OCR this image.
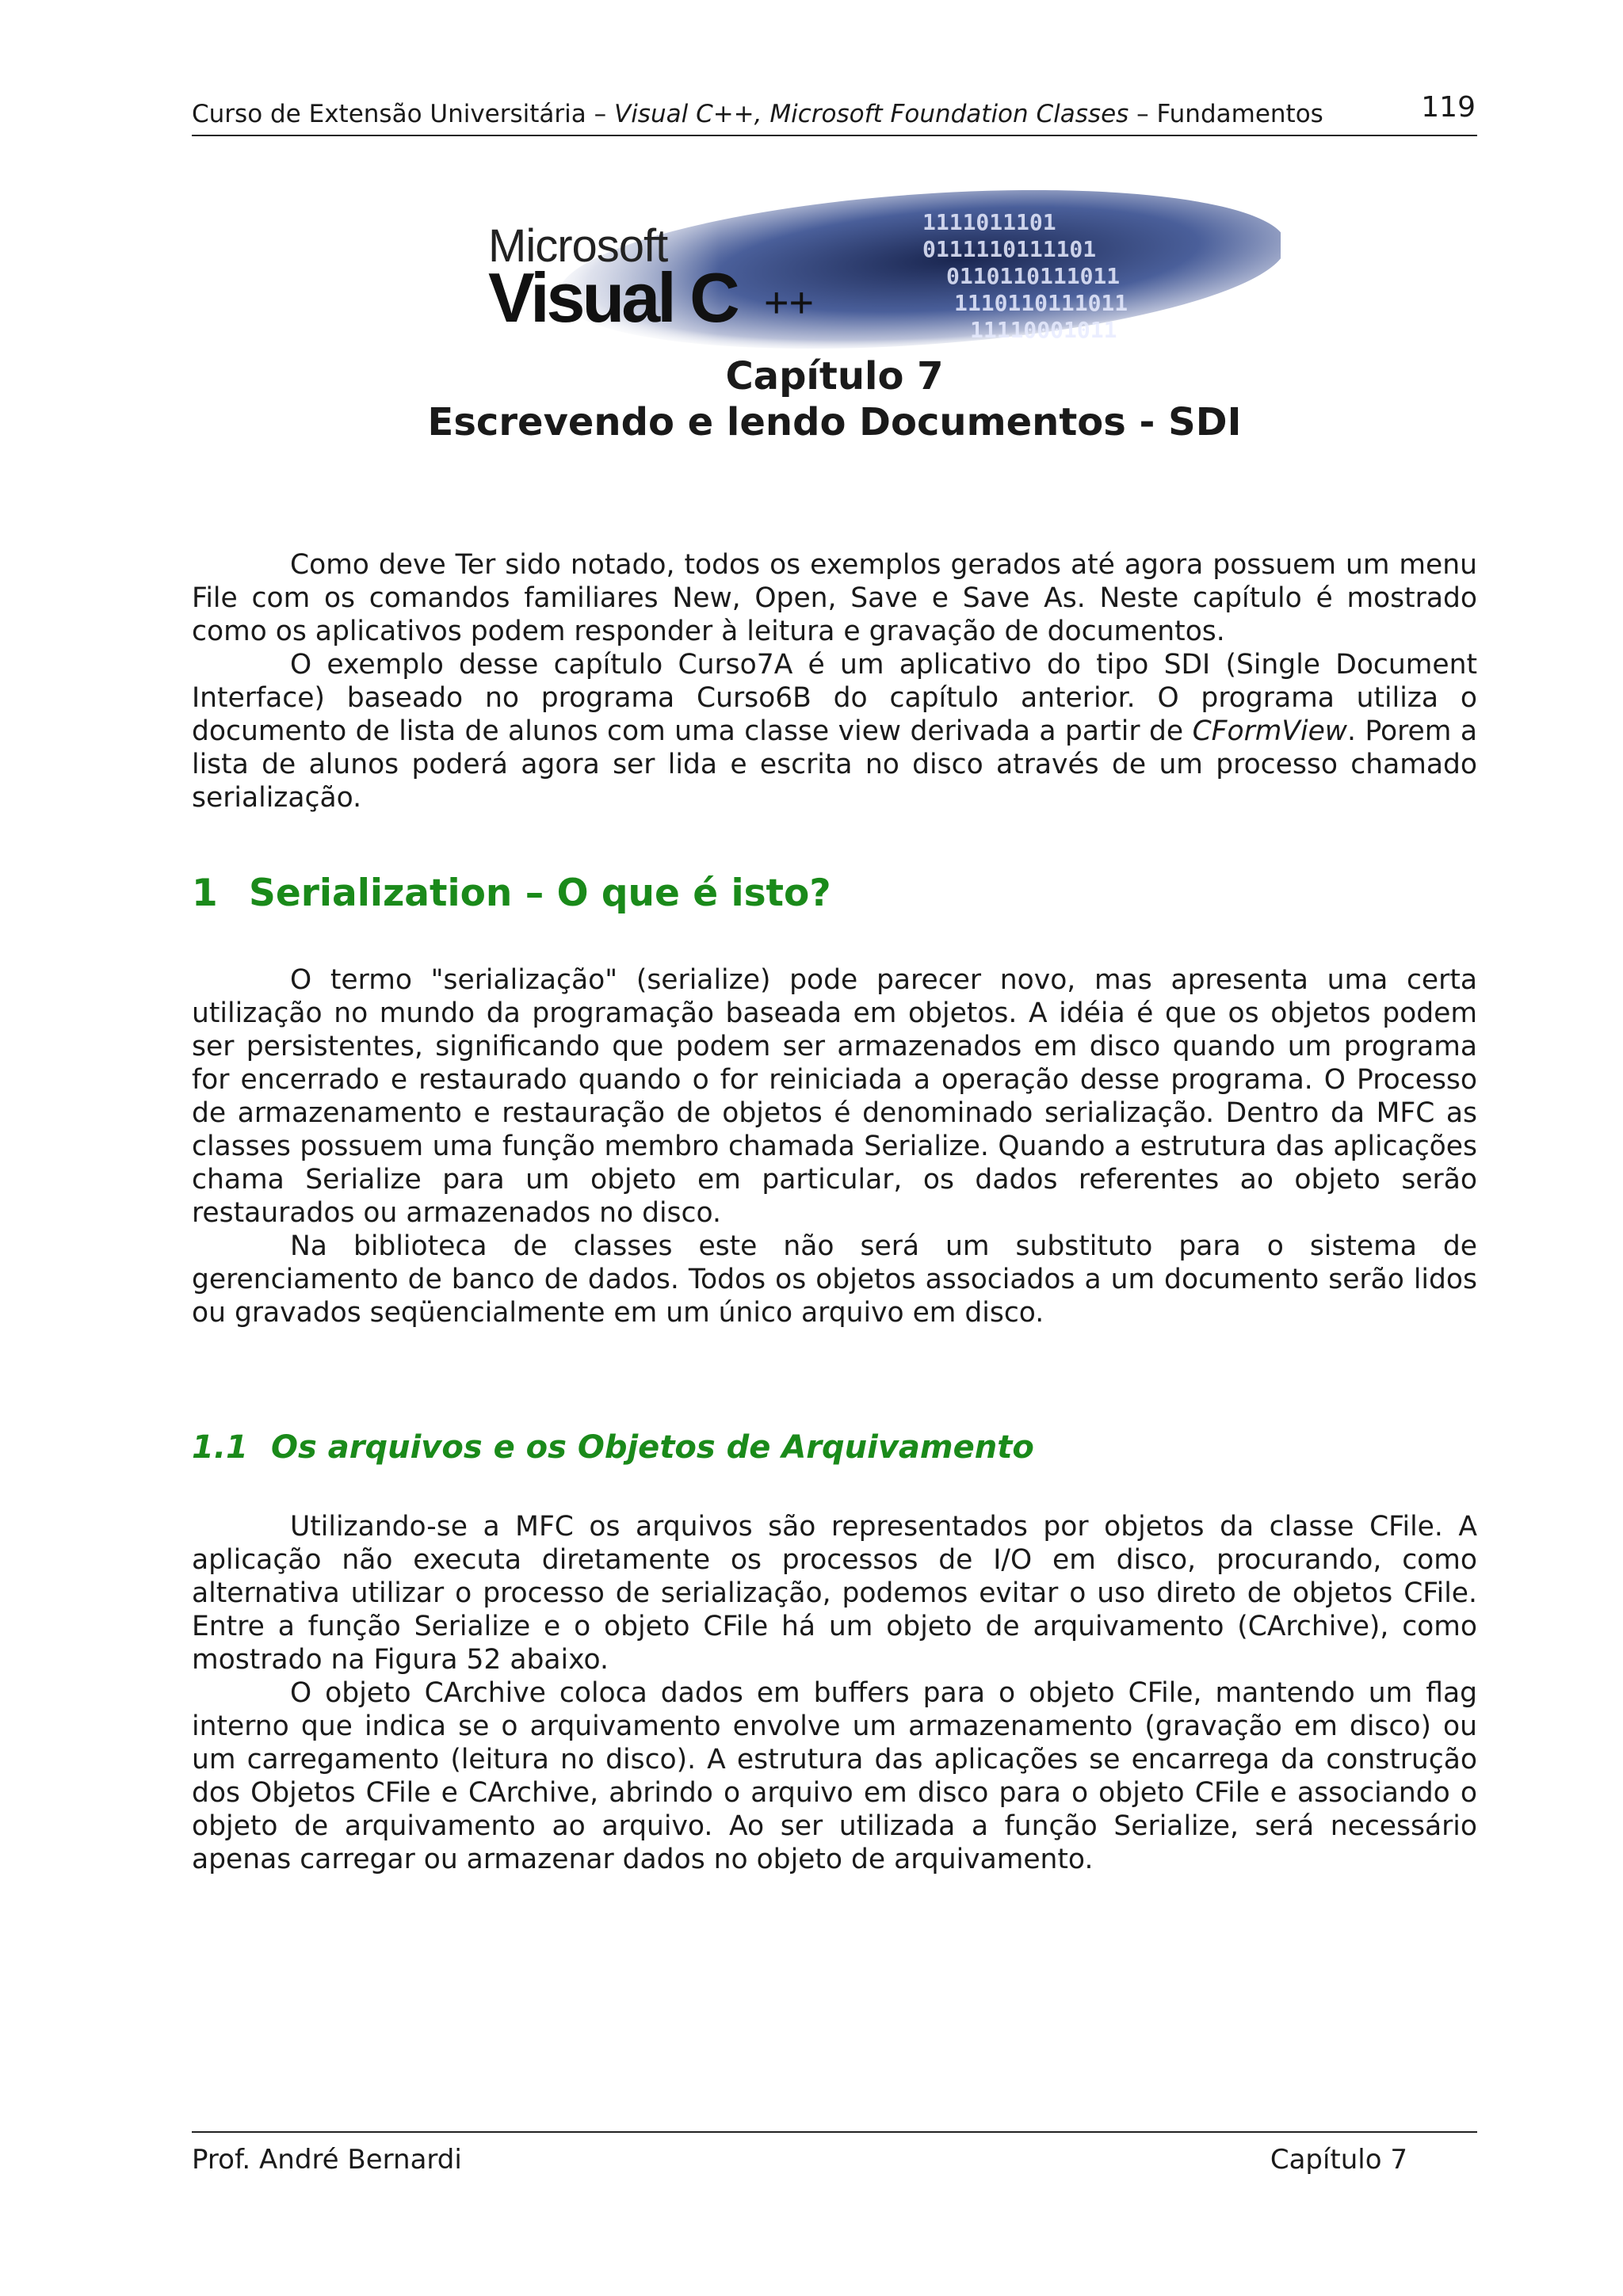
Curso de Extensão Universitária – Visual C++, Microsoft Foundation Classes – Fundamentos	119
1111011101
0111110111101
0110110111011
1110110111011
11110001011
Microsoft
Visual C ++
Capítulo 7
Escrevendo e lendo Documentos - SDI

Como deve Ter sido notado, todos os exemplos gerados até agora possuem um menu File com os comandos familiares New, Open, Save e Save As. Neste capítulo é mostrado como os aplicativos podem responder à leitura e gravação de documentos.

O exemplo desse capítulo Curso7A é um aplicativo do tipo SDI (Single Document Interface) baseado no programa Curso6B do capítulo anterior. O programa utiliza o documento de lista de alunos com uma classe view derivada a partir de CFormView. Porem a lista de alunos poderá agora ser lida e escrita no disco através de um processo chamado serialização.

1 Serialization – O que é isto?

O termo "serialização" (serialize) pode parecer novo, mas apresenta uma certa utilização no mundo da programação baseada em objetos. A idéia é que os objetos podem ser persistentes, significando que podem ser armazenados em disco quando um programa for encerrado e restaurado quando o for reiniciada a operação desse programa. O Processo de armazenamento e restauração de objetos é denominado serialização. Dentro da MFC as classes possuem uma função membro chamada Serialize. Quando a estrutura das aplicações chama Serialize para um objeto em particular, os dados referentes ao objeto serão restaurados ou armazenados no disco.

Na biblioteca de classes este não será um substituto para o sistema de gerenciamento de banco de dados. Todos os objetos associados a um documento serão lidos ou gravados seqüencialmente em um único arquivo em disco.

1.1 Os arquivos e os Objetos de Arquivamento

Utilizando-se a MFC os arquivos são representados por objetos da classe CFile. A aplicação não executa diretamente os processos de I/O em disco, procurando, como alternativa utilizar o processo de serialização, podemos evitar o uso direto de objetos CFile. Entre a função Serialize e o objeto CFile há um objeto de arquivamento (CArchive), como mostrado na Figura 52 abaixo.

O objeto CArchive coloca dados em buffers para o objeto CFile, mantendo um flag interno que indica se o arquivamento envolve um armazenamento (gravação em disco) ou um carregamento (leitura no disco). A estrutura das aplicações se encarrega da construção dos Objetos CFile e CArchive, abrindo o arquivo em disco para o objeto CFile e associando o objeto de arquivamento ao arquivo. Ao ser utilizada a função Serialize, será necessário apenas carregar ou armazenar dados no objeto de arquivamento.

Prof. André Bernardi	Capítulo 7
